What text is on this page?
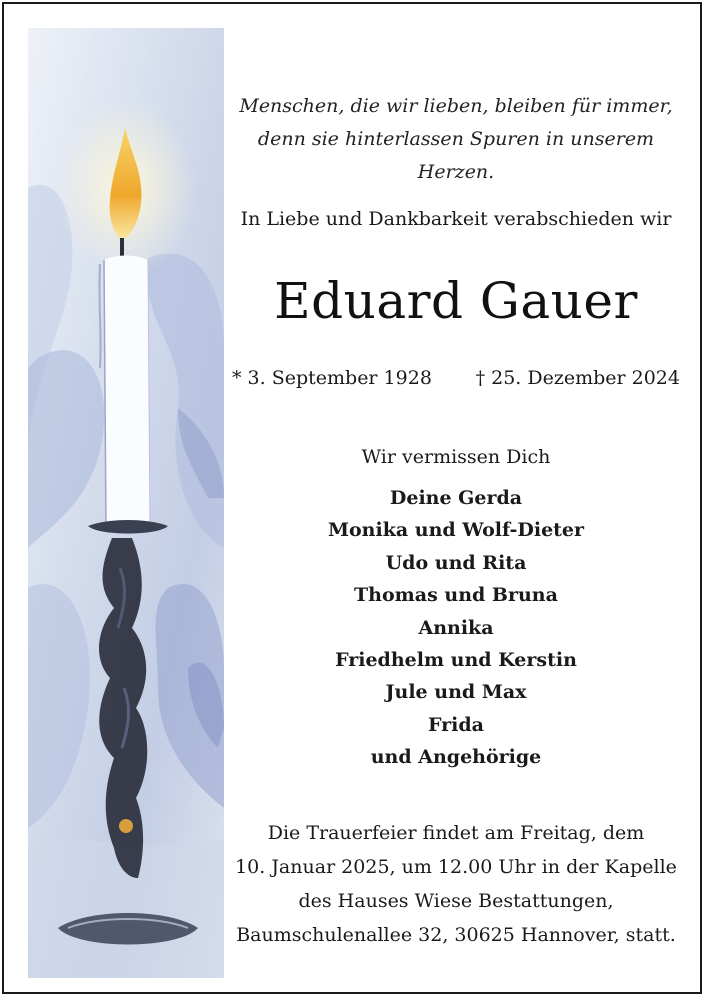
Menschen, die wir lieben, bleiben für immer,
denn sie hinterlassen Spuren in unserem Herzen.
In Liebe und Dankbarkeit verabschieden wir
Eduard Gauer
* 3. September 1928 † 25. Dezember 2024
Wir vermissen Dich
Deine Gerda
Monika und Wolf-Dieter
Udo und Rita
Thomas und Bruna
Annika
Friedhelm und Kerstin
Jule und Max
Frida
und Angehörige
Die Trauerfeier findet am Freitag, dem
10. Januar 2025, um 12.00 Uhr in der Kapelle
des Hauses Wiese Bestattungen,
Baumschulenallee 32, 30625 Hannover, statt.
